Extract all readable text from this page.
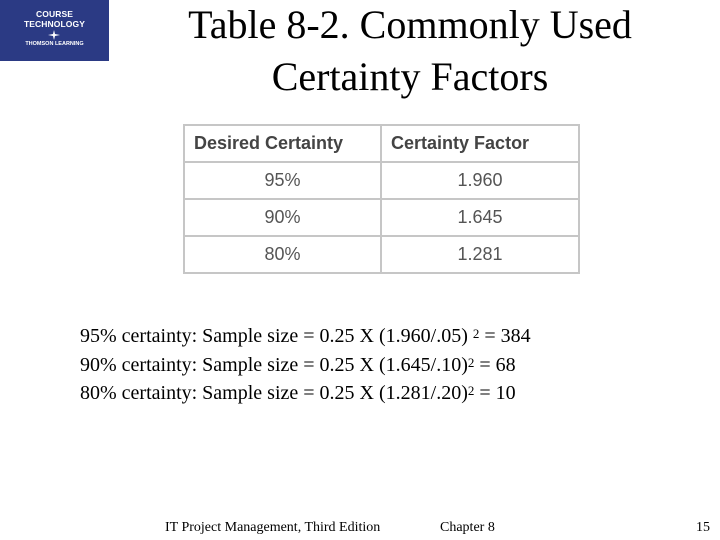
COURSE
TECHNOLOGY
THOMSON LEARNING	Table 8-2. Commonly Used
Certainty Factors
Desired Certainty	Certainty Factor
95%	1.960
90%	1.645
80%	1.281
95% certainty: Sample size = 0.25 X (1.960/.05) $^2$ = 384
90% certainty: Sample size = 0.25 X $(1.645/.10)^2 = 68$
80% certainty: Sample size = 0.25 X $(1.281/.20)^2 = 10$
IT Project Management, Third Edition	Chapter 8	15
